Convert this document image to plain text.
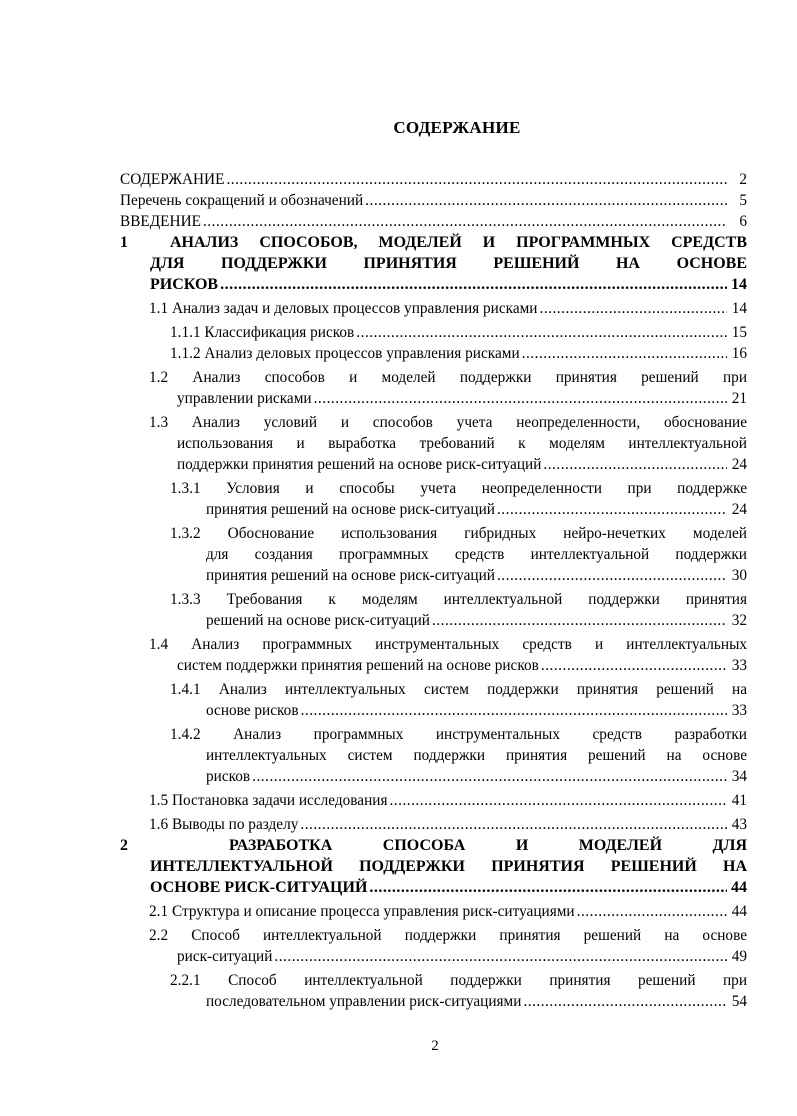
СОДЕРЖАНИЕ
СОДЕРЖАНИЕ .....	2
Перечень сокращений и обозначений .....	5
ВВЕДЕНИЕ .....	6
1	АНАЛИЗ СПОСОБОВ, МОДЕЛЕЙ И ПРОГРАММНЫХ СРЕДСТВ
ДЛЯ ПОДДЕРЖКИ ПРИНЯТИЯ РЕШЕНИЙ НА ОСНОВЕ
РИСКОВ .....	14
1.1 Анализ задач и деловых процессов управления рисками .....	14
1.1.1 Классификация рисков .....	15
1.1.2 Анализ деловых процессов управления рисками .....	16
1.2 Анализ способов и моделей поддержки принятия решений при
управлении рисками .....	21
1.3 Анализ условий и способов учета неопределенности, обоснование
использования и выработка требований к моделям интеллектуальной
поддержки принятия решений на основе риск-ситуаций .....	24
1.3.1 Условия и способы учета неопределенности при поддержке
принятия решений на основе риск-ситуаций .....	24
1.3.2 Обоснование использования гибридных нейро-нечетких моделей
для создания программных средств интеллектуальной поддержки
принятия решений на основе риск-ситуаций .....	30
1.3.3 Требования к моделям интеллектуальной поддержки принятия
решений на основе риск-ситуаций .....	32
1.4 Анализ программных инструментальных средств и интеллектуальных
систем поддержки принятия решений на основе рисков .....	33
1.4.1 Анализ интеллектуальных систем поддержки принятия решений на
основе рисков .....	33
1.4.2 Анализ программных инструментальных средств разработки
интеллектуальных систем поддержки принятия решений на основе
рисков .....	34
1.5 Постановка задачи исследования .....	41
1.6 Выводы по разделу .....	43
2	РАЗРАБОТКА СПОСОБА И МОДЕЛЕЙ ДЛЯ
ИНТЕЛЛЕКТУАЛЬНОЙ ПОДДЕРЖКИ ПРИНЯТИЯ РЕШЕНИЙ НА
ОСНОВЕ РИСК-СИТУАЦИЙ .....	44
2.1 Структура и описание процесса управления риск-ситуациями .....	44
2.2 Способ интеллектуальной поддержки принятия решений на основе
риск-ситуаций .....	49
2.2.1 Способ интеллектуальной поддержки принятия решений при
последовательном управлении риск-ситуациями .....	54
2
